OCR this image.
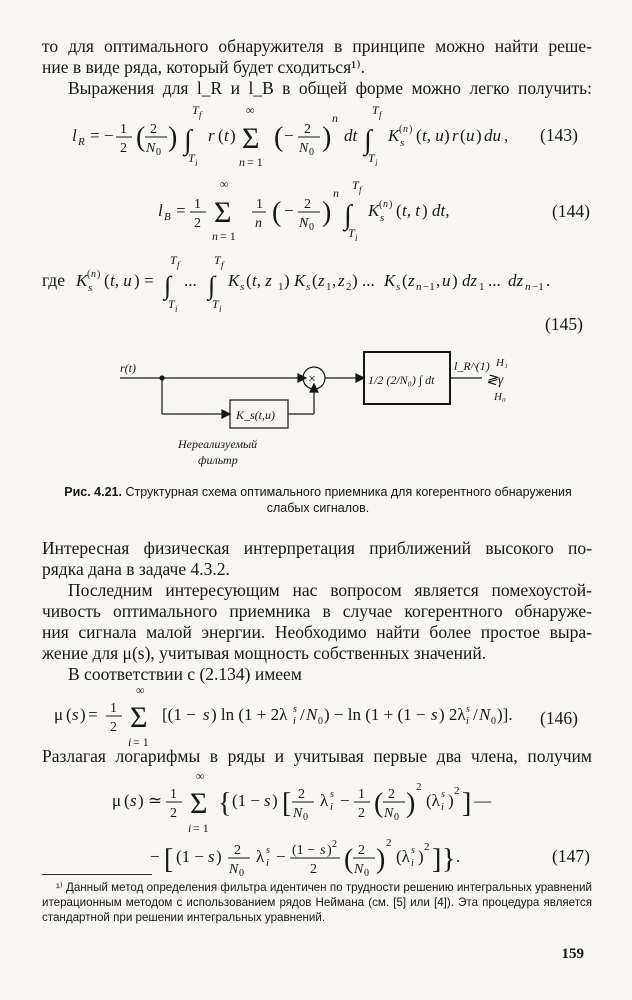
то для оптимального обнаружителя в принципе можно найти реше-
ние в виде ряда, который будет сходиться¹⁾.
Выражения для l_R и l_B в общей форме можно легко получить:
l R = − 1
2 ( 2
N 0 ) ∫
T f
T i
r ( t )
∞
Σ
n = 1
( − 2
N 0 )
n
dt ∫
T f
T i
K s
( n ) ( t, u ) r ( u ) du , (143)
l B = 1
2
∞
Σ
n = 1
1
n ( − 2
N 0 )
n
∫
T f
T i
K s
( n ) ( t, t ) dt,	(144)
где K s
( n ) ( t, u ) = ∫
T f
T i
... ∫
T f
T i
K s ( t, z 1 ) K s ( z 1 , z 2 ) ... K s ( z n −1 , u ) dz 1 ... dz n −1 .
(145)
r(t)
×
K_s(t,u)
Нереализуемый
фильтр
1/2 (2/N₀) ∫ dt
l_R^(1) H₁
≷γ
H₀
Рис. 4.21. Структурная схема оптимального приемника для когерентного обнаружения слабых сигналов.
Интересная физическая интерпретация приближений высокого по-
рядка дана в задаче 4.3.2.
Последним интересующим нас вопросом является помехоустой-
чивость оптимального приемника в случае когерентного обнаруже-
ния сигнала малой энергии. Необходимо найти более простое выра-
жение для μ(s), учитывая мощность собственных значений.
В соответствии с (2.134) имеем
μ ( s ) = 1
2
∞
Σ
i = 1
[(1 − s ) ln (1 + 2λ i
s / N 0 ) − ln (1 + (1 − s ) 2λ i
s / N 0 )]. (146)
Разлагая логарифмы в ряды и учитывая первые два члена, получим
μ ( s ) ≃ 1
2
∞
Σ
i = 1
{ (1 − s ) [ 2
N 0
λ i
s − 1
2 ( 2
N 0 )
2
(λ i
s ) 2 ] —
− [ (1 − s ) 2
N 0
λ i
s − (1 − s ) 2
2 ( 2
N 0 )
2
(λ i
s ) 2 ] } .	(147)
¹⁾ Данный метод определения фильтра идентичен по трудности решению интегральных уравнений итерационным методом с использованием рядов Неймана (см. [5] или [4]). Эта процедура является стандартной при решении интегральных уравнений.
159
